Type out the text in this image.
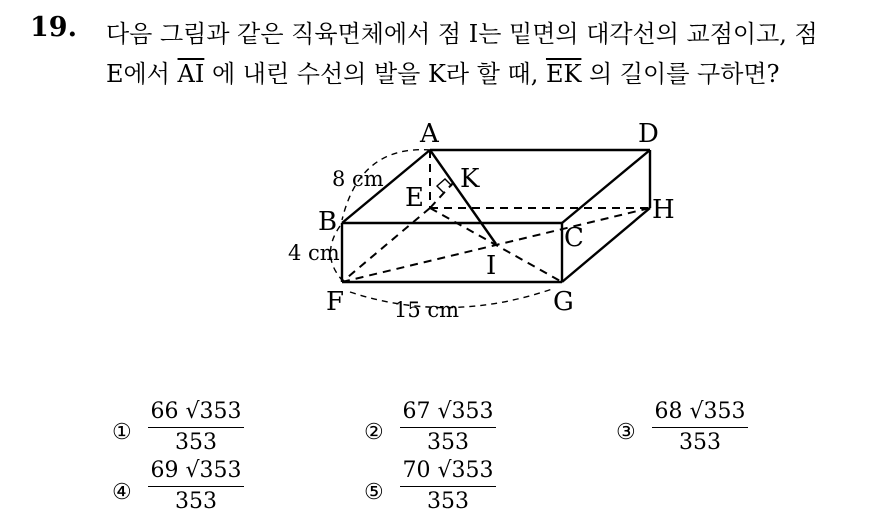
19. 다음 그림과 같은 직육면체에서 점 I는 밑면의 대각선의 교점이고, 점
E에서 $\overline{AI}$ 에 내린 수선의 발을 K라 할 때, $\overline{EK}$ 의 길이를 구하면?
A	D
K
E	H
B
C
I
F	G
8 cm
4 cm
15 cm
① $\frac{66 √353}{353}$	② $\frac{67 √353}{353}$	③ $\frac{68 √353}{353}$
④ $\frac{69 √353}{353}$	⑤ $\frac{70 √353}{353}$
